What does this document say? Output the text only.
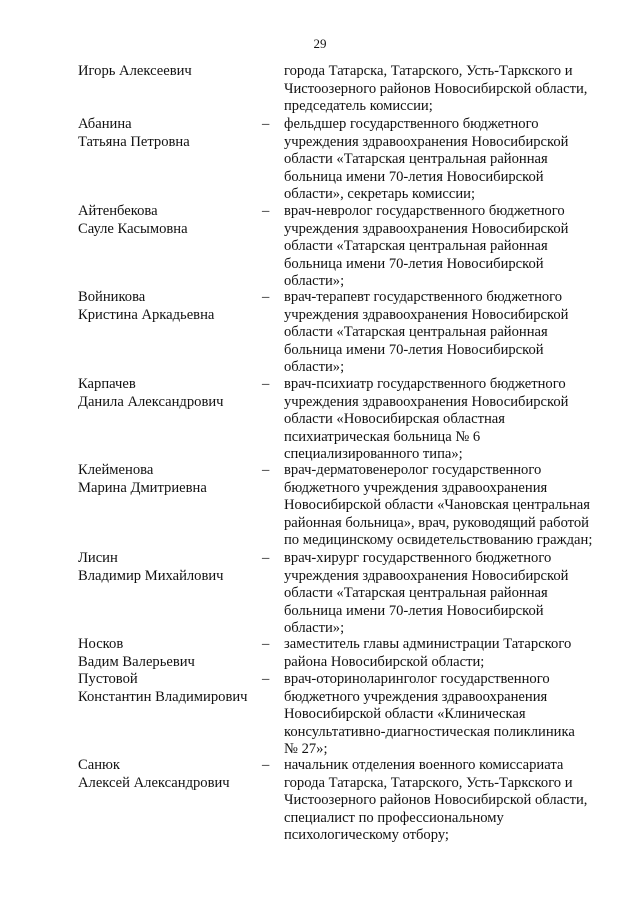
29
Игорь Алексеевич	города Татарска, Татарского, Усть-Таркского и
Чистоозерного районов Новосибирской области,
председатель комиссии;
Абанина
Татьяна Петровна
– фельдшер государственного бюджетного
учреждения здравоохранения Новосибирской
области «Татарская центральная районная
больница имени 70-летия Новосибирской
области», секретарь комиссии;
Айтенбекова
Сауле Касымовна
– врач-невролог государственного бюджетного
учреждения здравоохранения Новосибирской
области «Татарская центральная районная
больница имени 70-летия Новосибирской
области»;
Войникова
Кристина Аркадьевна
– врач-терапевт государственного бюджетного
учреждения здравоохранения Новосибирской
области «Татарская центральная районная
больница имени 70-летия Новосибирской
области»;
Карпачев
Данила Александрович
– врач-психиатр государственного бюджетного
учреждения здравоохранения Новосибирской
области «Новосибирская областная
психиатрическая больница № 6
специализированного типа»;
Клейменова
Марина Дмитриевна
– врач-дерматовенеролог государственного
бюджетного учреждения здравоохранения
Новосибирской области «Чановская центральная
районная больница», врач, руководящий работой
по медицинскому освидетельствованию граждан;
Лисин
Владимир Михайлович
– врач-хирург государственного бюджетного
учреждения здравоохранения Новосибирской
области «Татарская центральная районная
больница имени 70-летия Новосибирской
области»;
Носков
Вадим Валерьевич
– заместитель главы администрации Татарского
района Новосибирской области;
Пустовой
Константин Владимирович
– врач-оториноларинголог государственного
бюджетного учреждения здравоохранения
Новосибирской области «Клиническая
консультативно-диагностическая поликлиника
№ 27»;
Санюк
Алексей Александрович
– начальник отделения военного комиссариата
города Татарска, Татарского, Усть-Таркского и
Чистоозерного районов Новосибирской области,
специалист по профессиональному
психологическому отбору;
